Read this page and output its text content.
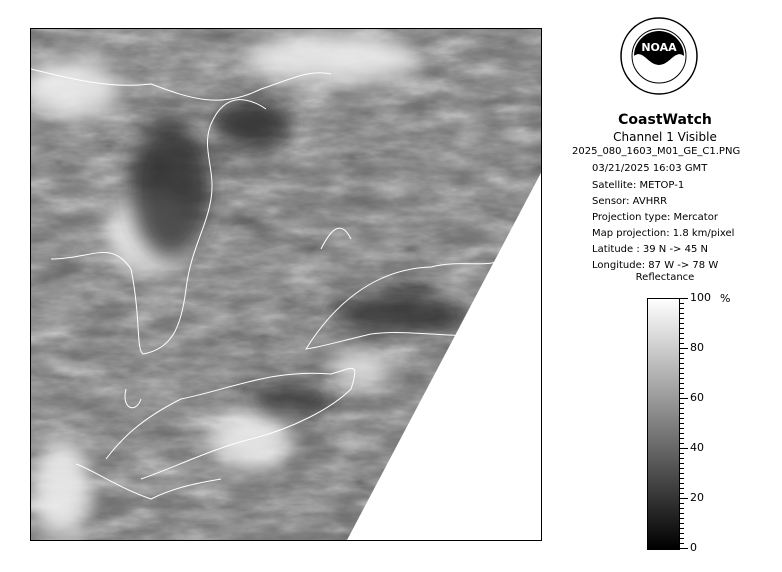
NOAA
CoastWatch
Channel 1 Visible
2025_080_1603_M01_GE_C1.PNG
03/21/2025 16:03 GMT
Satellite: METOP-1
Sensor: AVHRR
Projection type: Mercator
Map projection: 1.8 km/pixel
Latitude : 39 N -> 45 N
Longitude: 87 W -> 78 W
Reflectance
%
0
20
40
60
80
100
